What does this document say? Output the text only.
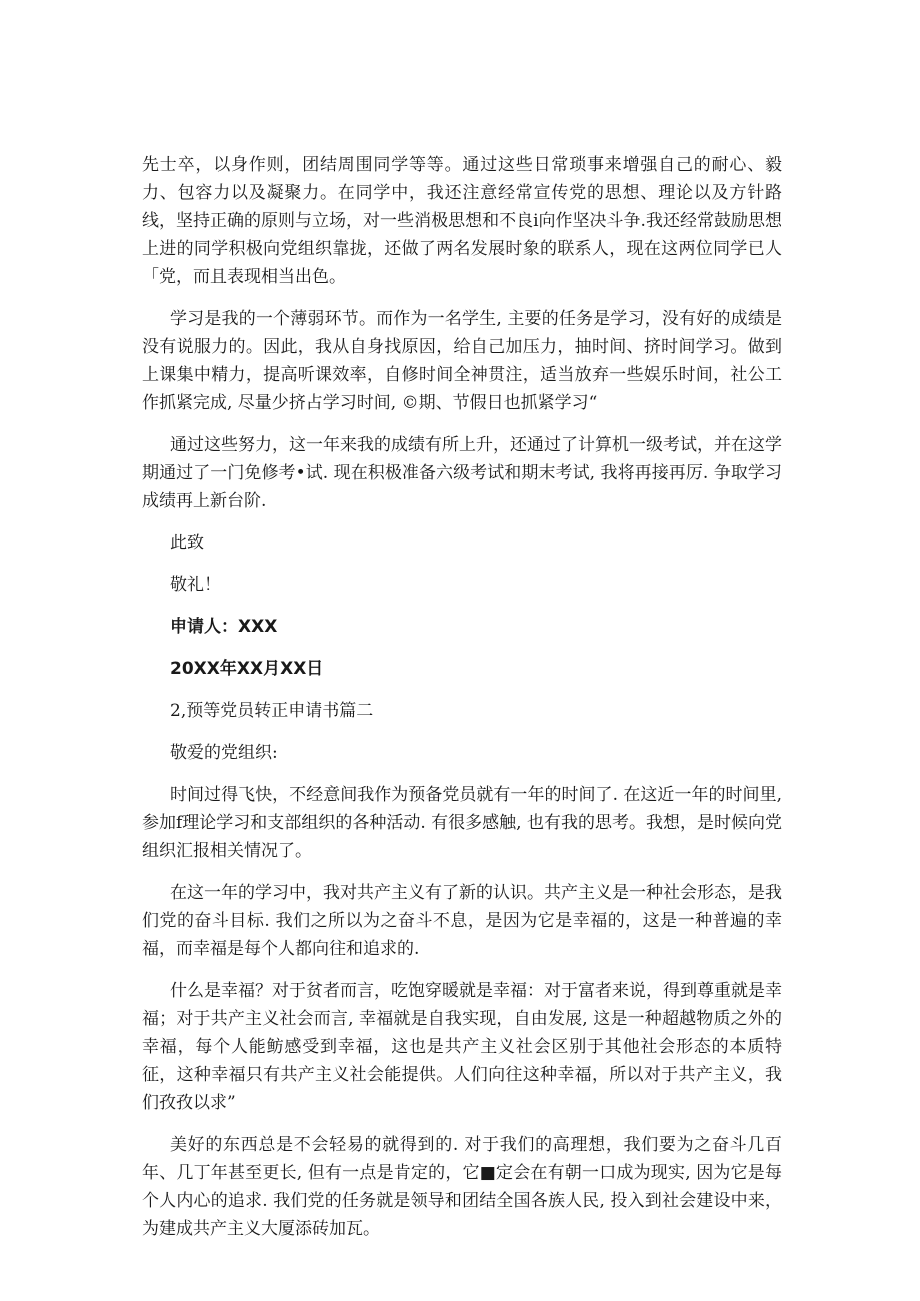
先士卒，以身作则，团结周围同学等等。通过这些日常琐事来增强自己的耐心、毅力、包容力以及凝聚力。在同学中，我还注意经常宣传党的思想、理论以及方针路线，坚持正确的原则与立场，对一些消极思想和不良i向作坚决斗争.我还经常鼓励思想上进的同学积极向党组织靠拢，还做了两名发展时象的联系人，现在这两位同学已人「党，而且表现相当出色。

学习是我的一个薄弱环节。而作为一名学生, 主要的任务是学习，没有好的成绩是没有说服力的。因此，我从自身找原因，给自己加压力，抽时间、挤时间学习。做到上课集中精力，提高听课效率，自修时间全神贯注，适当放弃一些娱乐时间，社公工作抓紧完成, 尽量少挤占学习时间, ©期、节假日也抓紧学习“

通过这些努力，这一年来我的成绩有所上升，还通过了计算机一级考试，并在这学期通过了一门免修考•试. 现在积极准备六级考试和期末考试, 我将再接再厉. 争取学习成绩再上新台阶.

此致

敬礼！

申请人：XXX

20XX年XX月XX日

2,预等党员转正申请书篇二

敬爱的党组织:

时间过得飞快，不经意间我作为预备党员就有一年的时间了. 在这近一年的时间里, 参加f理论学习和支部组织的各种活动. 有很多感触, 也有我的思考。我想，是时候向党组织汇报相关情况了。

在这一年的学习中，我对共产主义有了新的认识。共产主义是一种社会形态，是我们党的奋斗目标. 我们之所以为之奋斗不息，是因为它是幸福的，这是一种普遍的幸福，而幸福是每个人都向往和追求的.

什么是幸福？对于贫者而言，吃饱穿暖就是幸福：对于富者来说，得到尊重就是幸福；对于共产主义社会而言, 幸福就是自我实现，自由发展, 这是一种超越物质之外的幸福，每个人能鲂感受到幸福，这也是共产主义社会区别于其他社会形态的本质特征，这种幸福只有共产主义社会能提供。人们向往这种幸福，所以对于共产主义，我们孜孜以求”

美好的东西总是不会轻易的就得到的. 对于我们的高理想，我们要为之奋斗几百年、几丁年甚至更长, 但有一点是肯定的，它■定会在有朝一口成为现实, 因为它是每个人内心的追求. 我们党的任务就是领导和团结全国各族人民, 投入到社会建设中来，为建成共产主义大厦添砖加瓦。
